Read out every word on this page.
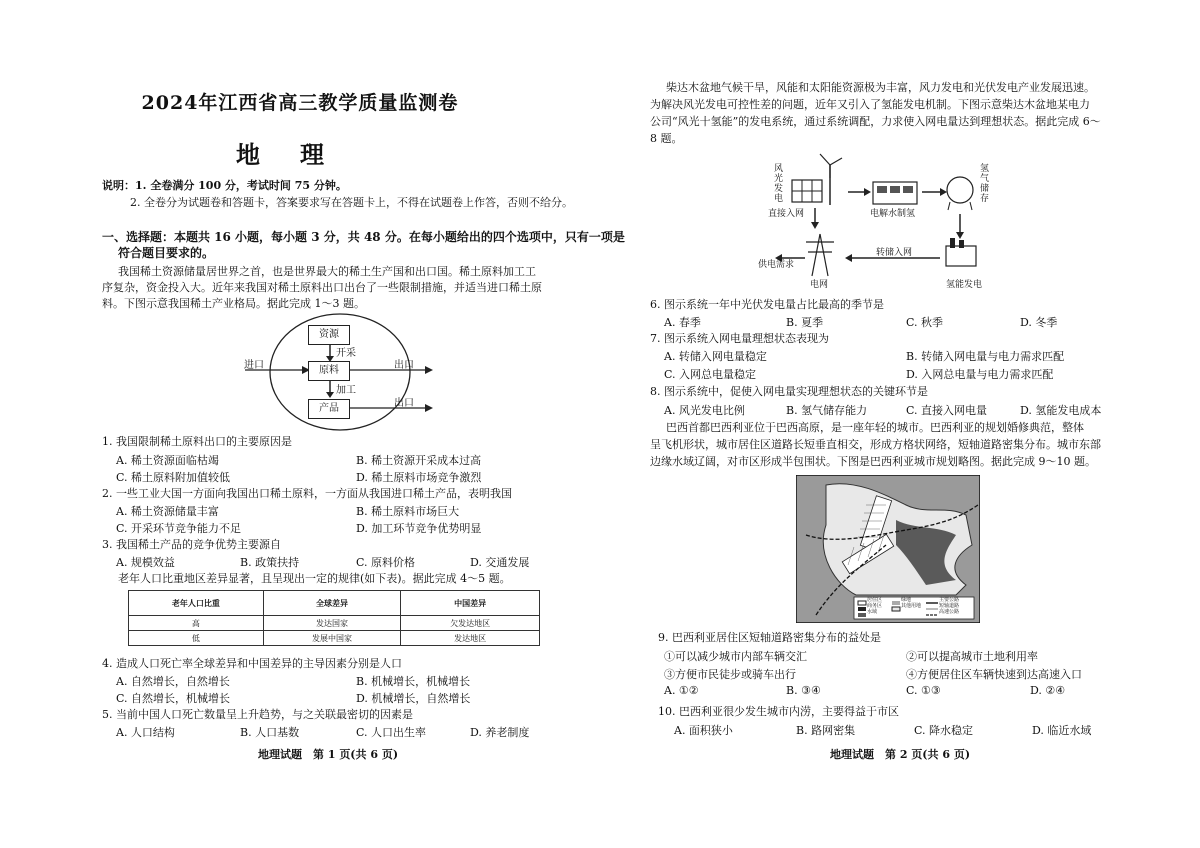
2024年江西省高三教学质量监测卷
地理
说明：1. 全卷满分 100 分，考试时间 75 分钟。
2. 全卷分为试题卷和答题卡，答案要求写在答题卡上，不得在试题卷上作答，否则不给分。
一、选择题：本题共 16 小题，每小题 3 分，共 48 分。在每小题给出的四个选项中，只有一项是
符合题目要求的。
我国稀土资源储量居世界之首，也是世界最大的稀土生产国和出口国。稀土原料加工工
序复杂，资金投入大。近年来我国对稀土原料出口出台了一些限制措施，并适当进口稀土原
料。下图示意我国稀土产业格局。据此完成 1～3 题。
资源
开采
原料
加工
产品
进口	出口
出口
1. 我国限制稀土原料出口的主要原因是
A. 稀土资源面临枯竭	B. 稀土资源开采成本过高
C. 稀土原料附加值较低	D. 稀土原料市场竞争激烈
2. 一些工业大国一方面向我国出口稀土原料，一方面从我国进口稀土产品，表明我国
A. 稀土资源储量丰富	B. 稀土原料市场巨大
C. 开采环节竞争能力不足	D. 加工环节竞争优势明显
3. 我国稀土产品的竞争优势主要源自
A. 规模效益	B. 政策扶持	C. 原料价格	D. 交通发展
老年人口比重地区差异显著，且呈现出一定的规律(如下表)。据此完成 4～5 题。
老年人口比重	全球差异	中国差异
高	发达国家	欠发达地区
低	发展中国家	发达地区
4. 造成人口死亡率全球差异和中国差异的主导因素分别是人口
A. 自然增长，自然增长	B. 机械增长，机械增长
C. 自然增长，机械增长	D. 机械增长，自然增长
5. 当前中国人口死亡数量呈上升趋势，与之关联最密切的因素是
A. 人口结构	B. 人口基数	C. 人口出生率	D. 养老制度
地理试题　第 1 页(共 6 页)
柴达木盆地气候干旱，风能和太阳能资源极为丰富，风力发电和光伏发电产业发展迅速。
为解决风光发电可控性差的问题，近年又引入了氢能发电机制。下图示意柴达木盆地某电力
公司“风光十氢能”的发电系统，通过系统调配，力求使入网电量达到理想状态。据此完成 6～
8 题。
风光发电
直接入网	电解水制氢
氢气储存
转储入网
供电需求
电网	氢能发电
6. 图示系统一年中光伏发电量占比最高的季节是
A. 春季	B. 夏季	C. 秋季	D. 冬季
7. 图示系统入网电量理想状态表现为
A. 转储入网电量稳定	B. 转储入网电量与电力需求匹配
C. 入网总电量稳定	D. 入网总电量与电力需求匹配
8. 图示系统中，促使入网电量实现理想状态的关键环节是
A. 风光发电比例	B. 氢气储存能力	C. 直接入网电量	D. 氢能发电成本
巴西首都巴西利亚位于巴西高原，是一座年轻的城市。巴西利亚的规划婚修典范，整体
呈飞机形状，城市居住区道路长短垂直相交，形成方格状网络，短轴道路密集分布。城市东部
边缘水域辽阔，对市区形成半包围状。下图是巴西利亚城市规划略图。据此完成 9～10 题。
居住区
商务区
水域
绿地
其他用地
主要公路
短轴道路
高速公路
9. 巴西利亚居住区短轴道路密集分布的益处是
①可以减少城市内部车辆交汇	②可以提高城市土地利用率
③方便市民徒步或骑车出行	④方便居住区车辆快速到达高速入口
A. ①②	B. ③④	C. ①③	D. ②④
10. 巴西利亚很少发生城市内涝，主要得益于市区
A. 面积狭小	B. 路网密集	C. 降水稳定	D. 临近水域
地理试题　第 2 页(共 6 页)
